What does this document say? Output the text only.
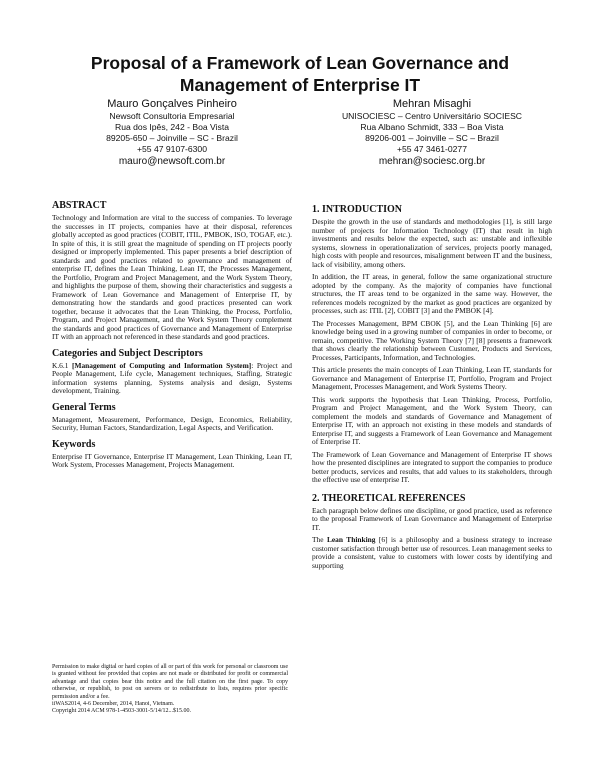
Proposal of a Framework of Lean Governance and
Management of Enterprise IT
Mauro Gonçalves Pinheiro
Newsoft Consultoria Empresarial
Rua dos Ipês, 242 - Boa Vista
89205-650 – Joinville – SC - Brazil
+55 47 9107-6300
mauro@newsoft.com.br
Mehran Misaghi
UNISOCIESC – Centro Universitário SOCIESC
Rua Albano Schmidt, 333 – Boa Vista
89206-001 – Joinville – SC – Brazil
+55 47 3461-0277
mehran@sociesc.org.br
ABSTRACT

Technology and Information are vital to the success of companies. To leverage the successes in IT projects, companies have at their disposal, references globally accepted as good practices (COBIT, ITIL, PMBOK, ISO, TOGAF, etc.). In spite of this, it is still great the magnitude of spending on IT projects poorly designed or improperly implemented. This paper presents a brief description of standards and good practices related to governance and management of enterprise IT, defines the Lean Thinking, Lean IT, the Processes Management, the Portfolio, Program and Project Management, and the Work System Theory, and highlights the purpose of them, showing their characteristics and suggests a Framework of Lean Governance and Management of Enterprise IT, by demonstrating how the standards and good practices presented can work together, because it advocates that the Lean Thinking, the Process, Portfolio, Program, and Project Management, and the Work System Theory complement the standards and good practices of Governance and Management of Enterprise IT with an approach not referenced in these standards and good practices.

Categories and Subject Descriptors

K.6.1 [Management of Computing and Information System]: Project and People Management, Life cycle, Management techniques, Staffing, Strategic information systems planning, Systems analysis and design, Systems development, Training.

General Terms

Management, Measurement, Performance, Design, Economics, Reliability, Security, Human Factors, Standardization, Legal Aspects, and Verification.

Keywords

Enterprise IT Governance, Enterprise IT Management, Lean Thinking, Lean IT, Work System, Processes Management, Projects Management.

Permission to make digital or hard copies of all or part of this work for personal or classroom use is granted without fee provided that copies are not made or distributed for profit or commercial advantage and that copies bear this notice and the full citation on the first page. To copy otherwise, or republish, to post on servers or to redistribute to lists, requires prior specific permission and/or a fee.

iiWAS2014, 4-6 December, 2014, Hanoi, Vietnam.

Copyright 2014 ACM 978-1-4503-3001-5/14/12...$15.00.

1. INTRODUCTION

Despite the growth in the use of standards and methodologies [1], is still large number of projects for Information Technology (IT) that result in high investments and results below the expected, such as: unstable and inflexible systems, slowness in operationalization of services, projects poorly managed, high costs with people and resources, misalignment between IT and the business, lack of visibility, among others.

In addition, the IT areas, in general, follow the same organizational structure adopted by the company. As the majority of companies have functional structures, the IT areas tend to be organized in the same way. However, the references models recognized by the market as good practices are organized by processes, such as: ITIL [2], COBIT [3] and the PMBOK [4].

The Processes Management, BPM CBOK [5], and the Lean Thinking [6] are knowledge being used in a growing number of companies in order to become, or remain, competitive. The Working System Theory [7] [8] presents a framework that shows clearly the relationship between Customer, Products and Services, Processes, Participants, Information, and Technologies.

This article presents the main concepts of Lean Thinking, Lean IT, standards for Governance and Management of Enterprise IT, Portfolio, Program and Project Management, Processes Management, and Work Systems Theory.

This work supports the hypothesis that Lean Thinking, Process, Portfolio, Program and Project Management, and the Work System Theory, can complement the models and standards of Governance and Management of Enterprise IT, with an approach not existing in these models and standards of Enterprise IT, and suggests a Framework of Lean Governance and Management of Enterprise IT.

The Framework of Lean Governance and Management of Enterprise IT shows how the presented disciplines are integrated to support the companies to produce better products, services and results, that add values to its stakeholders, through the effective use of enterprise IT.

2. THEORETICAL REFERENCES

Each paragraph below defines one discipline, or good practice, used as reference to the proposal Framework of Lean Governance and Management of Enterprise IT.

The Lean Thinking [6] is a philosophy and a business strategy to increase customer satisfaction through better use of resources. Lean management seeks to provide a consistent, value to customers with lower costs by identifying and supporting
